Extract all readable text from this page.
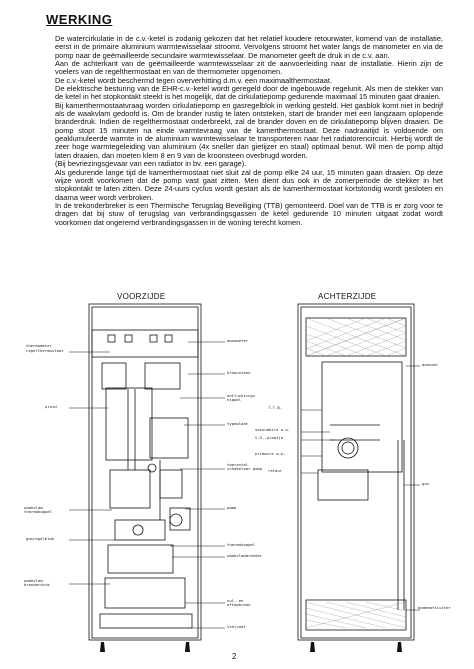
WERKING

De watercirkulatie in de c.v.-ketel is zodanig gekozen dat het relatief koudere retourwater, komend van de installatie, eerst in de primaire aluminium warmtewisselaar stroomt. Vervolgens stroomt het water langs de manometer en via de pomp naar de geëmailleerde secundaire warmtewisselaar. De manometer geeft de druk in de c.v. aan.

Aan de achterkant van de geëmailleerde warmtewisselaar zit de aanvoerleiding naar de installatie. Hierin zijn de voelers van de regelthermostaat en van de thermometer opgenomen.

De c.v.-ketel wordt beschermd tegen oververhitting d.m.v. een maximaalthermostaat.

De elektrische besturing van de EHR-c.v.-ketel wordt geregeld door de ingebouwde regelunit. Als men de stekker van de ketel in het stopkontakt steekt is het mogelijk, dat de cirkulatiepomp gedurende maximaal 15 minuten gaat draaien.

Bij kamerthermostaatvraag worden cirkulatiepomp en gasregelblok in werking gesteld. Het gasblok komt niet in bedrijf als de waakvlam gedoofd is. Om de brander rustig te laten ontsteken, start de brander met een langzaam oplopende branderdruk. Indien de regelthermostaat onderbreekt, zal de brander doven en de cirkulatiepomp blijven draaien. De pomp stopt 15 minuten na einde warmtevraag van de kamerthermostaat. Deze nadraaitijd is voldoende om geaklumuleerde warmte in de aluminium warmtewisselaar te transporteren naar het radiatorencircuit. Hierbij wordt de zeer hoge warmtegeleiding van aluminium (4x sneller dan gietijzer en staal) optimaal benut. Wil men de pomp altijd laten draaien, dan moeten klem 8 en 9 van de kroonsteen overbrugd worden.

(Bij bevriezingsgevaar van een radiator in bv. een garage).

Als gedurende lange tijd de kamerthermostaat niet sluit zal de pomp elke 24 uur, 15 minuten gaan draaien. Op deze wijze wordt voorkomen dat de pomp vast gaat zitten. Men dient dus ook in de zomerperiode de stekker in het stopkontakt te laten zitten. Deze 24-uurs cyclus wordt gestart als de kamerthermostaat kortstondig wordt gesloten en daarna weer wordt verbroken.

In de trekonderbreker is een Thermische Terugslag Beveiliging (TTB) gemonteerd. Doel van de TTB is er zorg voor te dragen dat bij stuw of terugslag van verbrandingsgassen de ketel gedurende 10 minuten uitgaat zodat wordt voorkomen dat ongeremd verbrandingsgassen in de woning terecht komen.

VOORZIJDE	ACHTERZIJDE
thermometer
regelthermostaat
pruid
waakvlam thermokoppel
gasregelblok
waakvlam branderdruk
manometer
kroonsteen
ontluchtings nippel
typeplaat
toerental schakelaar pomp
pomp
thermokoppel
waakvlambrander
vul- en aftapkraan
stelvoet
T.T.B.
secundaire w.w.
V.G.-plaatje
primaire w.w.
retour
aanvoer
gas
bodemafsluiter
2
